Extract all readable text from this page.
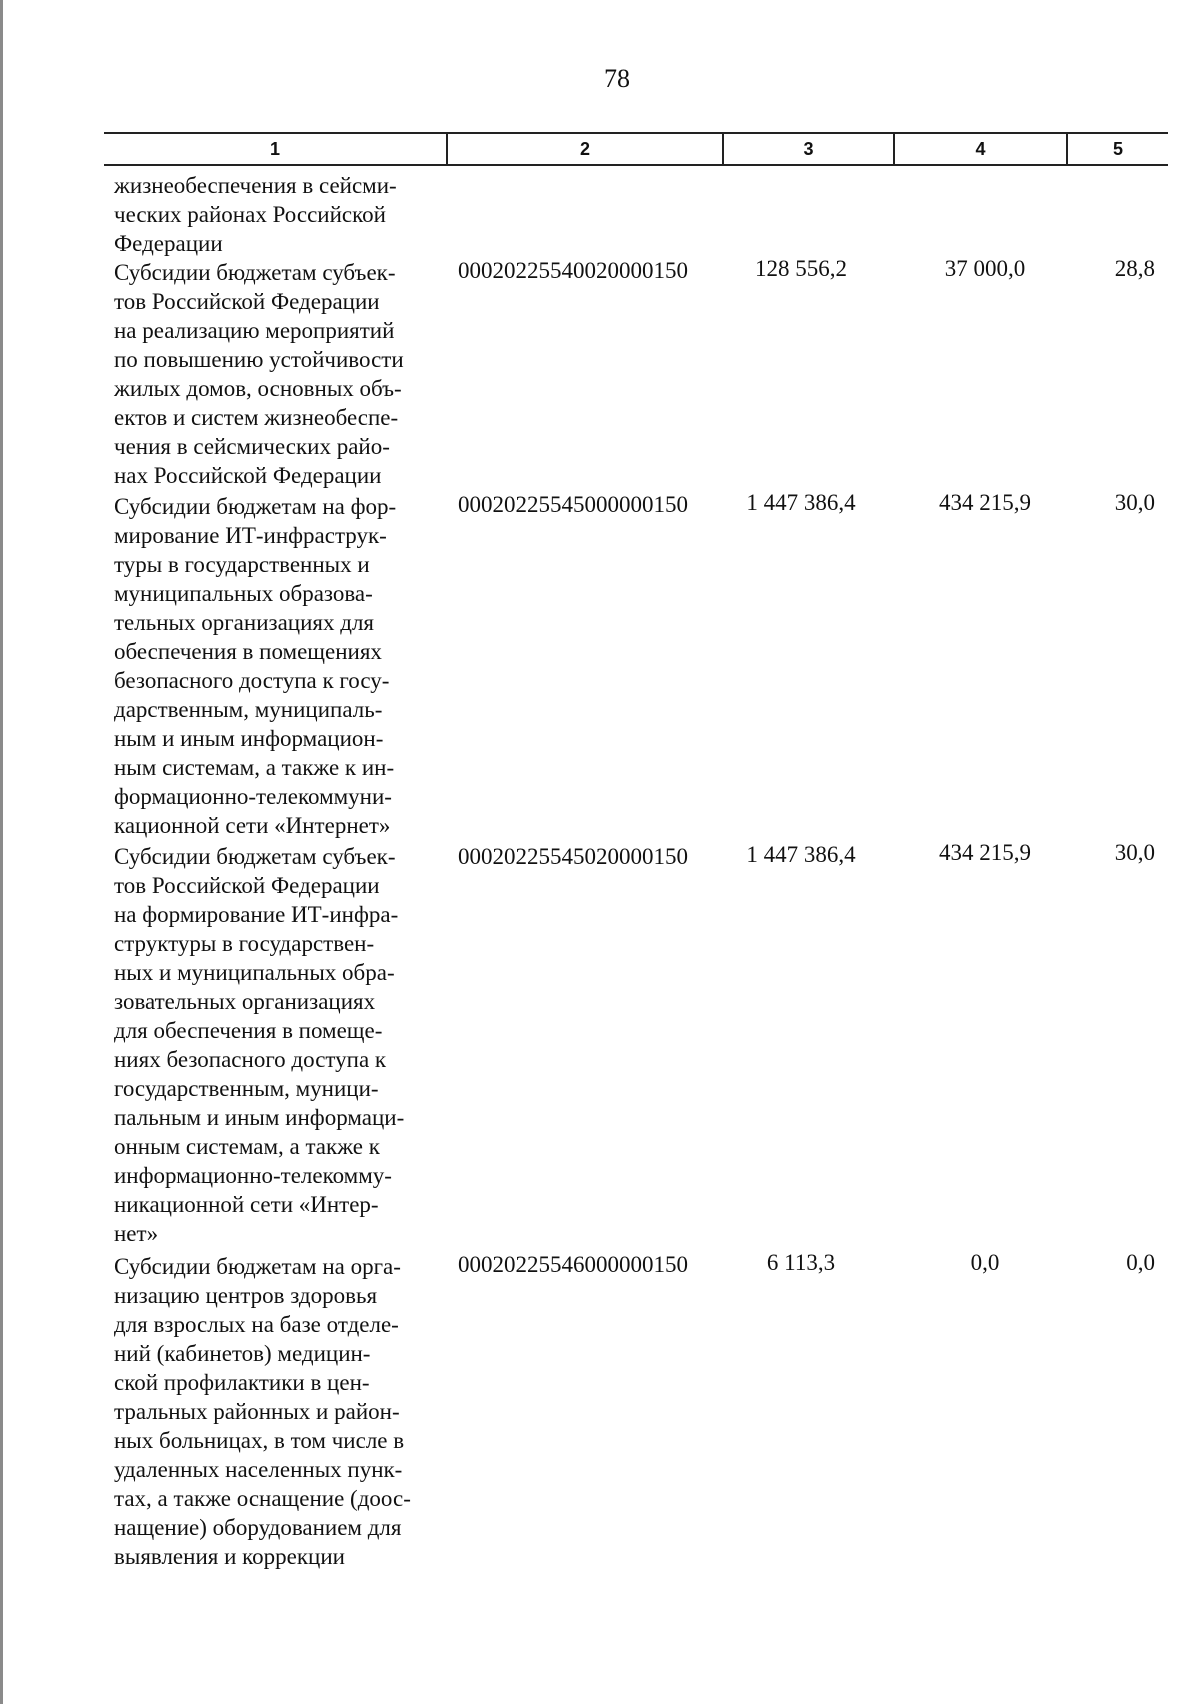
78
1	2	3	4	5
жизнеобеспечения в сейсми-
ческих районах Российской
Федерации
Субсидии бюджетам субъек-
тов Российской Федерации
на реализацию мероприятий
по повышению устойчивости
жилых домов, основных объ-
ектов и систем жизнеобеспе-
чения в сейсмических райо-
нах Российской Федерации
00020225540020000150	128 556,2	37 000,0	28,8
Субсидии бюджетам на фор-
мирование ИТ-инфраструк-
туры в государственных и
муниципальных образова-
тельных организациях для
обеспечения в помещениях
безопасного доступа к госу-
дарственным, муниципаль-
ным и иным информацион-
ным системам, а также к ин-
формационно-телекоммуни-
кационной сети «Интернет»
00020225545000000150	1 447 386,4	434 215,9	30,0
Субсидии бюджетам субъек-
тов Российской Федерации
на формирование ИТ-инфра-
структуры в государствен-
ных и муниципальных обра-
зовательных организациях
для обеспечения в помеще-
ниях безопасного доступа к
государственным, муници-
пальным и иным информаци-
онным системам, а также к
информационно-телекомму-
никационной сети «Интер-
нет»
00020225545020000150	1 447 386,4	434 215,9	30,0
Субсидии бюджетам на орга-
низацию центров здоровья
для взрослых на базе отделе-
ний (кабинетов) медицин-
ской профилактики в цен-
тральных районных и район-
ных больницах, в том числе в
удаленных населенных пунк-
тах, а также оснащение (доос-
нащение) оборудованием для
выявления и коррекции
00020225546000000150	6 113,3	0,0	0,0
